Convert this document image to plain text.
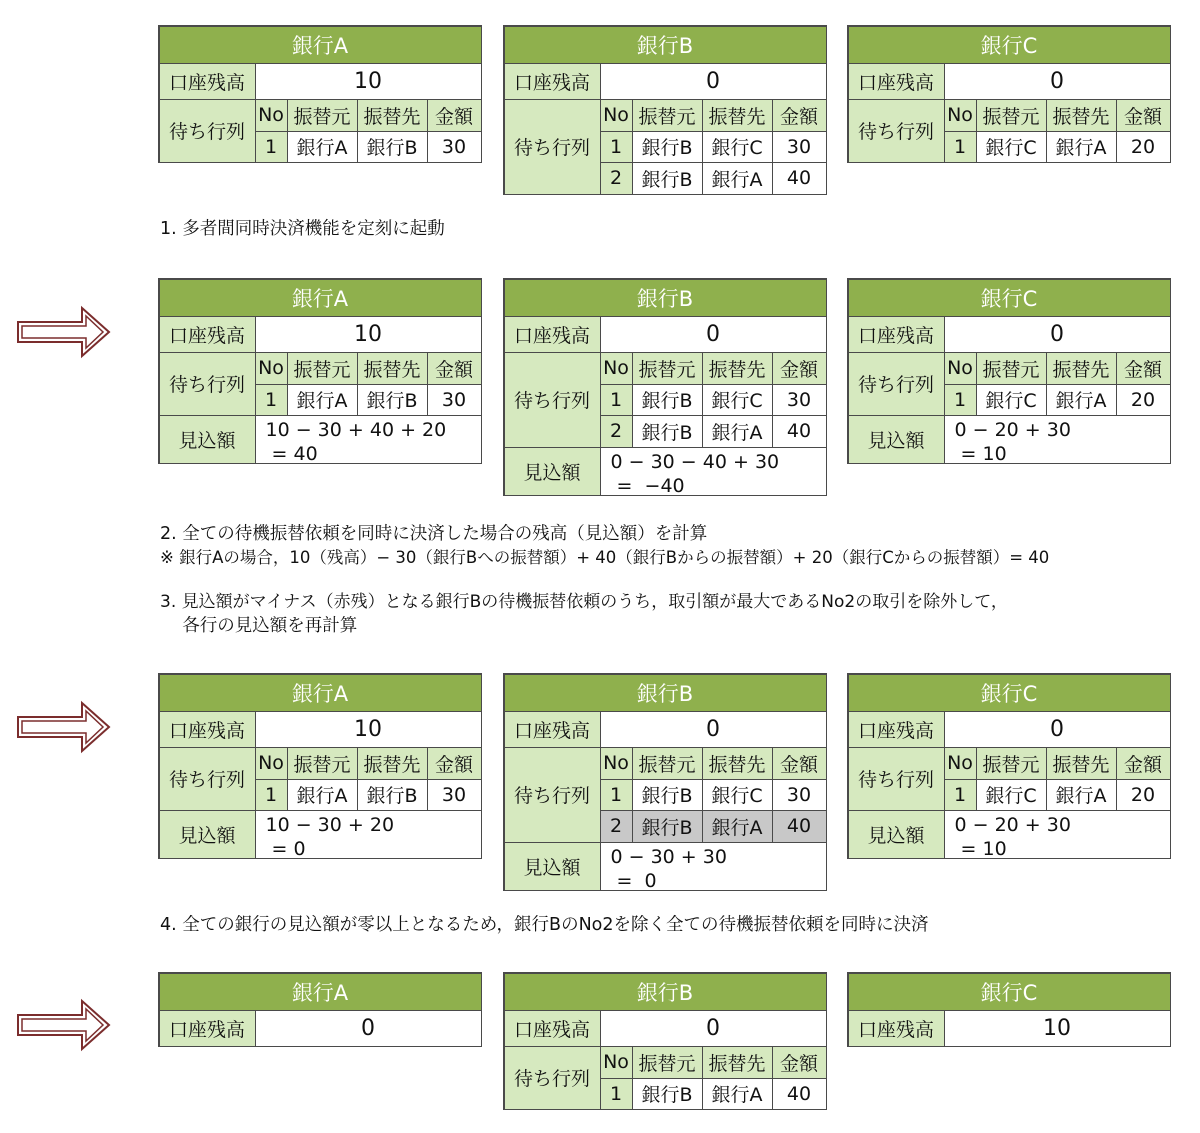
銀行A
口座残高	10
待ち行列
No 振替元 振替先 金額
1	銀行A 銀行B	30
銀行B
口座残高	0
待ち行列
No 振替元 振替先 金額
1	銀行B 銀行C	30
2	銀行B 銀行A	40
銀行C
口座残高	0
待ち行列
No 振替元 振替先 金額
1	銀行C 銀行A	20
1. 多者間同時決済機能を定刻に起動
銀行A
口座残高	10
待ち行列
No 振替元 振替先 金額
1	銀行A 銀行B	30
見込額	10 − 30 + 40 + 20
= 40
銀行B
口座残高	0
待ち行列
No 振替元 振替先 金額
1	銀行B 銀行C	30
2	銀行B 銀行A	40
見込額	0 − 30 − 40 + 30
=  −40
銀行C
口座残高	0
待ち行列
No 振替元 振替先 金額
1	銀行C 銀行A	20
見込額	0 − 20 + 30
= 10
2. 全ての待機振替依頼を同時に決済した場合の残高（見込額）を計算
※ 銀行Aの場合，10（残高）− 30（銀行Bへの振替額）+ 40（銀行Bからの振替額）+ 20（銀行Cからの振替額）= 40
3. 見込額がマイナス（赤残）となる銀行Bの待機振替依頼のうち，取引額が最大であるNo2の取引を除外して，
各行の見込額を再計算
銀行A
口座残高	10
待ち行列
No 振替元 振替先 金額
1	銀行A 銀行B	30
見込額	10 − 30 + 20
= 0
銀行B
口座残高	0
待ち行列
No 振替元 振替先 金額
1	銀行B 銀行C	30
2	銀行B 銀行A	40
見込額	0 − 30 + 30
=  0
銀行C
口座残高	0
待ち行列
No 振替元 振替先 金額
1	銀行C 銀行A	20
見込額	0 − 20 + 30
= 10
4. 全ての銀行の見込額が零以上となるため，銀行BのNo2を除く全ての待機振替依頼を同時に決済
銀行A
口座残高	0
銀行B
口座残高	0
待ち行列
No 振替元 振替先 金額
1	銀行B 銀行A	40
銀行C
口座残高	10
